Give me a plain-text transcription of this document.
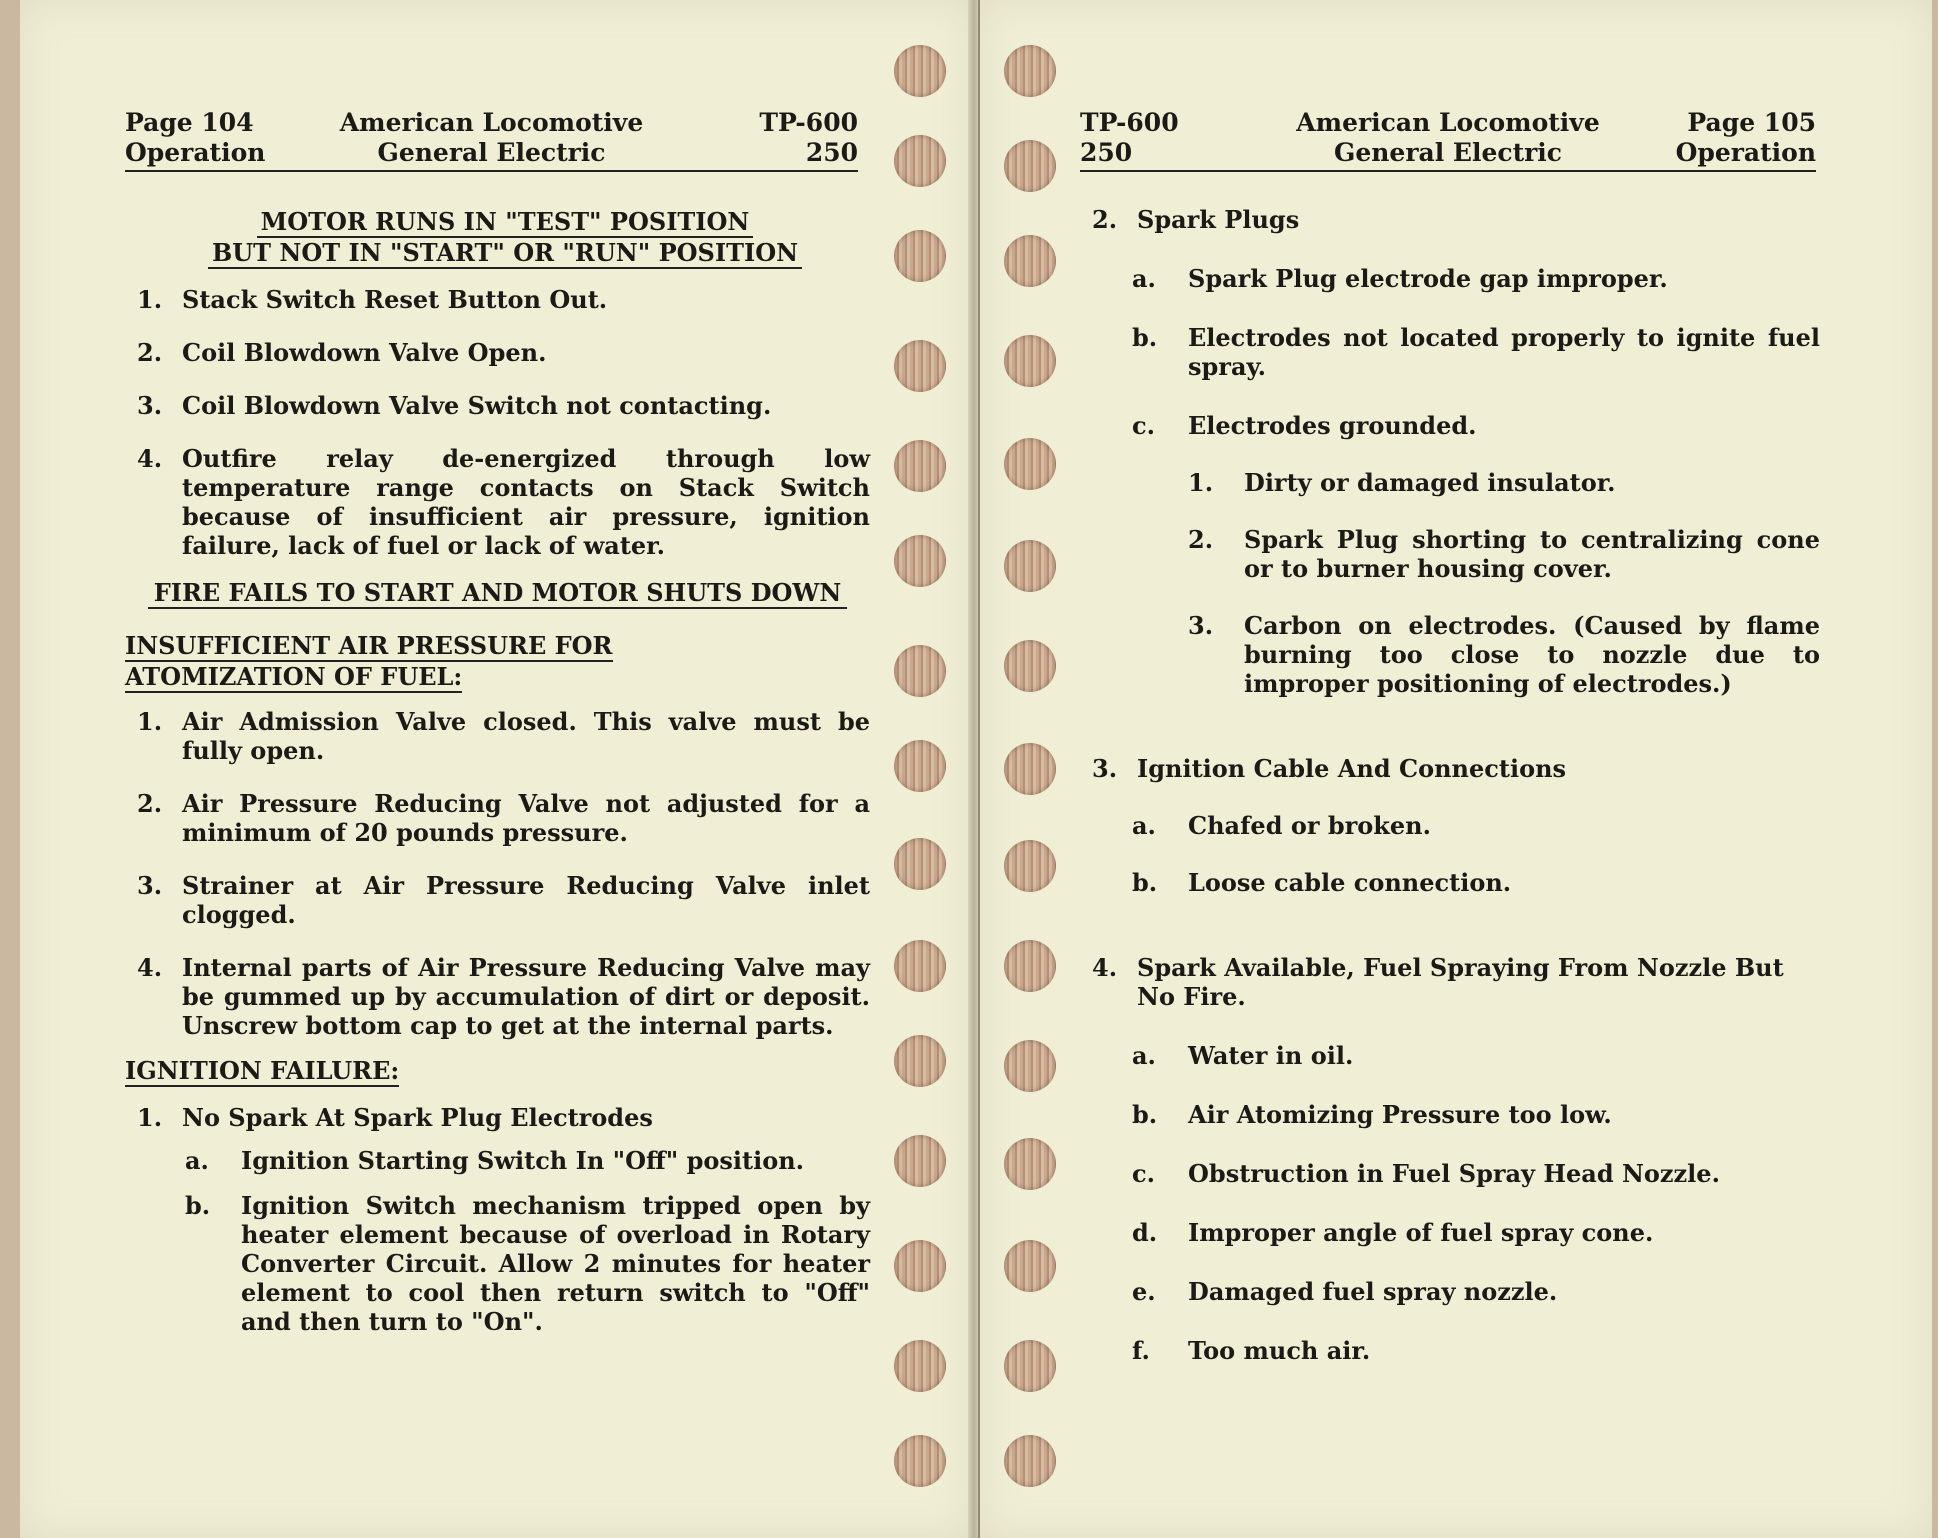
Page 104
Operation
American Locomotive
General Electric
TP-600
250
MOTOR RUNS IN "TEST" POSITION
BUT NOT IN "START" OR "RUN" POSITION
1. Stack Switch Reset Button Out.
2. Coil Blowdown Valve Open.
3. Coil Blowdown Valve Switch not contacting.
4. Outfire relay de-energized through low temperature range contacts on Stack Switch because of insufficient air pressure, ignition failure, lack of fuel or lack of water.
FIRE FAILS TO START AND MOTOR SHUTS DOWN
INSUFFICIENT AIR PRESSURE FOR
ATOMIZATION OF FUEL:
1. Air Admission Valve closed. This valve must be fully open.
2. Air Pressure Reducing Valve not adjusted for a minimum of 20 pounds pressure.
3. Strainer at Air Pressure Reducing Valve inlet clogged.
4. Internal parts of Air Pressure Reducing Valve may be gummed up by accumulation of dirt or deposit. Unscrew bottom cap to get at the internal parts.
IGNITION FAILURE:
1. No Spark At Spark Plug Electrodes
a.	Ignition Starting Switch In "Off" position.
b.	Ignition Switch mechanism tripped open by heater element because of overload in Rotary Converter Circuit. Allow 2 minutes for heater element to cool then return switch to "Off" and then turn to "On".
TP-600
250
American Locomotive
General Electric
Page 105
Operation
2. Spark Plugs
a.	Spark Plug electrode gap improper.
b.	Electrodes not located properly to ignite fuel spray.
c.	Electrodes grounded.
1.	Dirty or damaged insulator.
2.	Spark Plug shorting to centralizing cone or to burner housing cover.
3.	Carbon on electrodes. (Caused by flame burning too close to nozzle due to improper positioning of electrodes.)
3. Ignition Cable And Connections
a.	Chafed or broken.
b.	Loose cable connection.
4. Spark Available, Fuel Spraying From Nozzle But No Fire.
a.	Water in oil.
b.	Air Atomizing Pressure too low.
c.	Obstruction in Fuel Spray Head Nozzle.
d.	Improper angle of fuel spray cone.
e.	Damaged fuel spray nozzle.
f.	Too much air.
